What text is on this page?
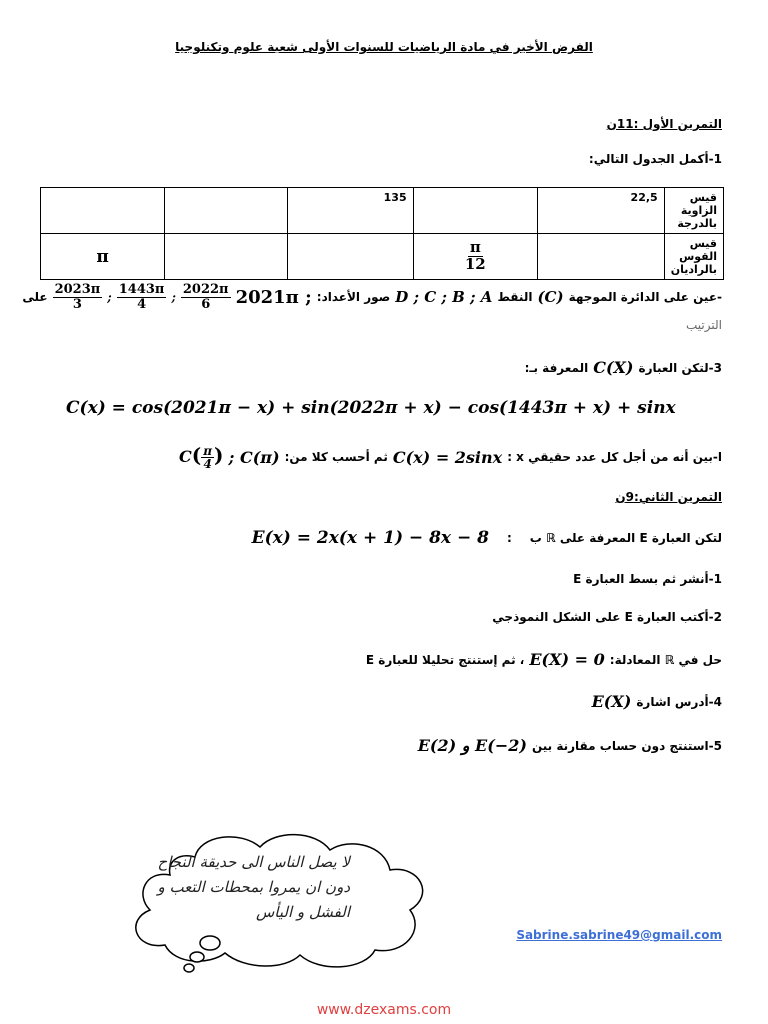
الفرض الأخير في مادة الرياضيات للسنوات الأولى شعبة علوم وتكنلوجيا
التمرين الأول :11ن
1-أكمل الجدول التالي:
		135		22,5	قيس الزاوية بالدرجة
π			$\frac{\pi}{12}$		قيس القوس بالراديان
على $\frac{2023\pi}{3}$ ; $\frac{1443\pi}{4}$ ; $\frac{2022\pi}{6} 2021\pi$ ; صور الأعداد: D ; C ; B ; A النقط (C) -عين على الدائرة الموجهة
الترتيب
المعرفة بـ: C(X) 3-لتكن العبارة
C(x) = cos(2021π − x) + sin(2022π + x) − cos(1443π + x) + sinx
$C( \frac{\pi}{4}$ ) ; C(π) ثم أحسب كلا من: C(x) = 2sinx ا-بين أنه من أجل كل عدد حقيقي x :
التمرين الثاني:9ن
E(x) = 2x(x + 1) − 8x − 8 : لتكن العبارة E المعرفة على ℝ ب
1-أنشر ثم بسط العبارة E
2-أكتب العبارة E على الشكل النموذجي
، ثم إستنتج تحليلا للعبارة E E(X) = 0 حل في ℝ المعادلة:
E(X) 4-أدرس اشارة
E(2) و E(−2) 5-استنتج دون حساب مقارنة بين
لا يصل الناس الى حديقة النجاح
دون ان يمروا بمحطات التعب و
الفشل و اليأس
Sabrine.sabrine49@gmail.com
www.dzexams.com
